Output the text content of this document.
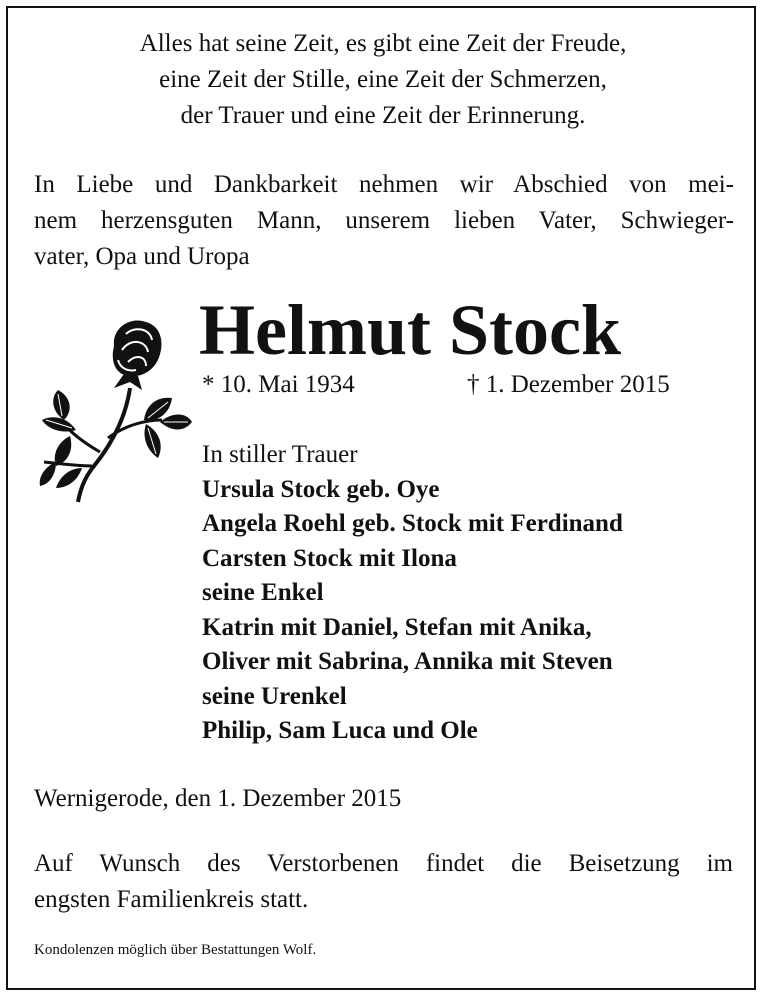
Alles hat seine Zeit, es gibt eine Zeit der Freude,
eine Zeit der Stille, eine Zeit der Schmerzen,
der Trauer und eine Zeit der Erinnerung.
In Liebe und Dankbarkeit nehmen wir Abschied von mei-
nem herzensguten Mann, unserem lieben Vater, Schwieger-
vater, Opa und Uropa
Helmut Stock
* 10. Mai 1934	† 1. Dezember 2015
In stiller Trauer
Ursula Stock geb. Oye
Angela Roehl geb. Stock mit Ferdinand
Carsten Stock mit Ilona
seine Enkel
Katrin mit Daniel, Stefan mit Anika,
Oliver mit Sabrina, Annika mit Steven
seine Urenkel
Philip, Sam Luca und Ole
Wernigerode, den 1. Dezember 2015
Auf Wunsch des Verstorbenen findet die Beisetzung im
engsten Familienkreis statt.
Kondolenzen möglich über Bestattungen Wolf.
